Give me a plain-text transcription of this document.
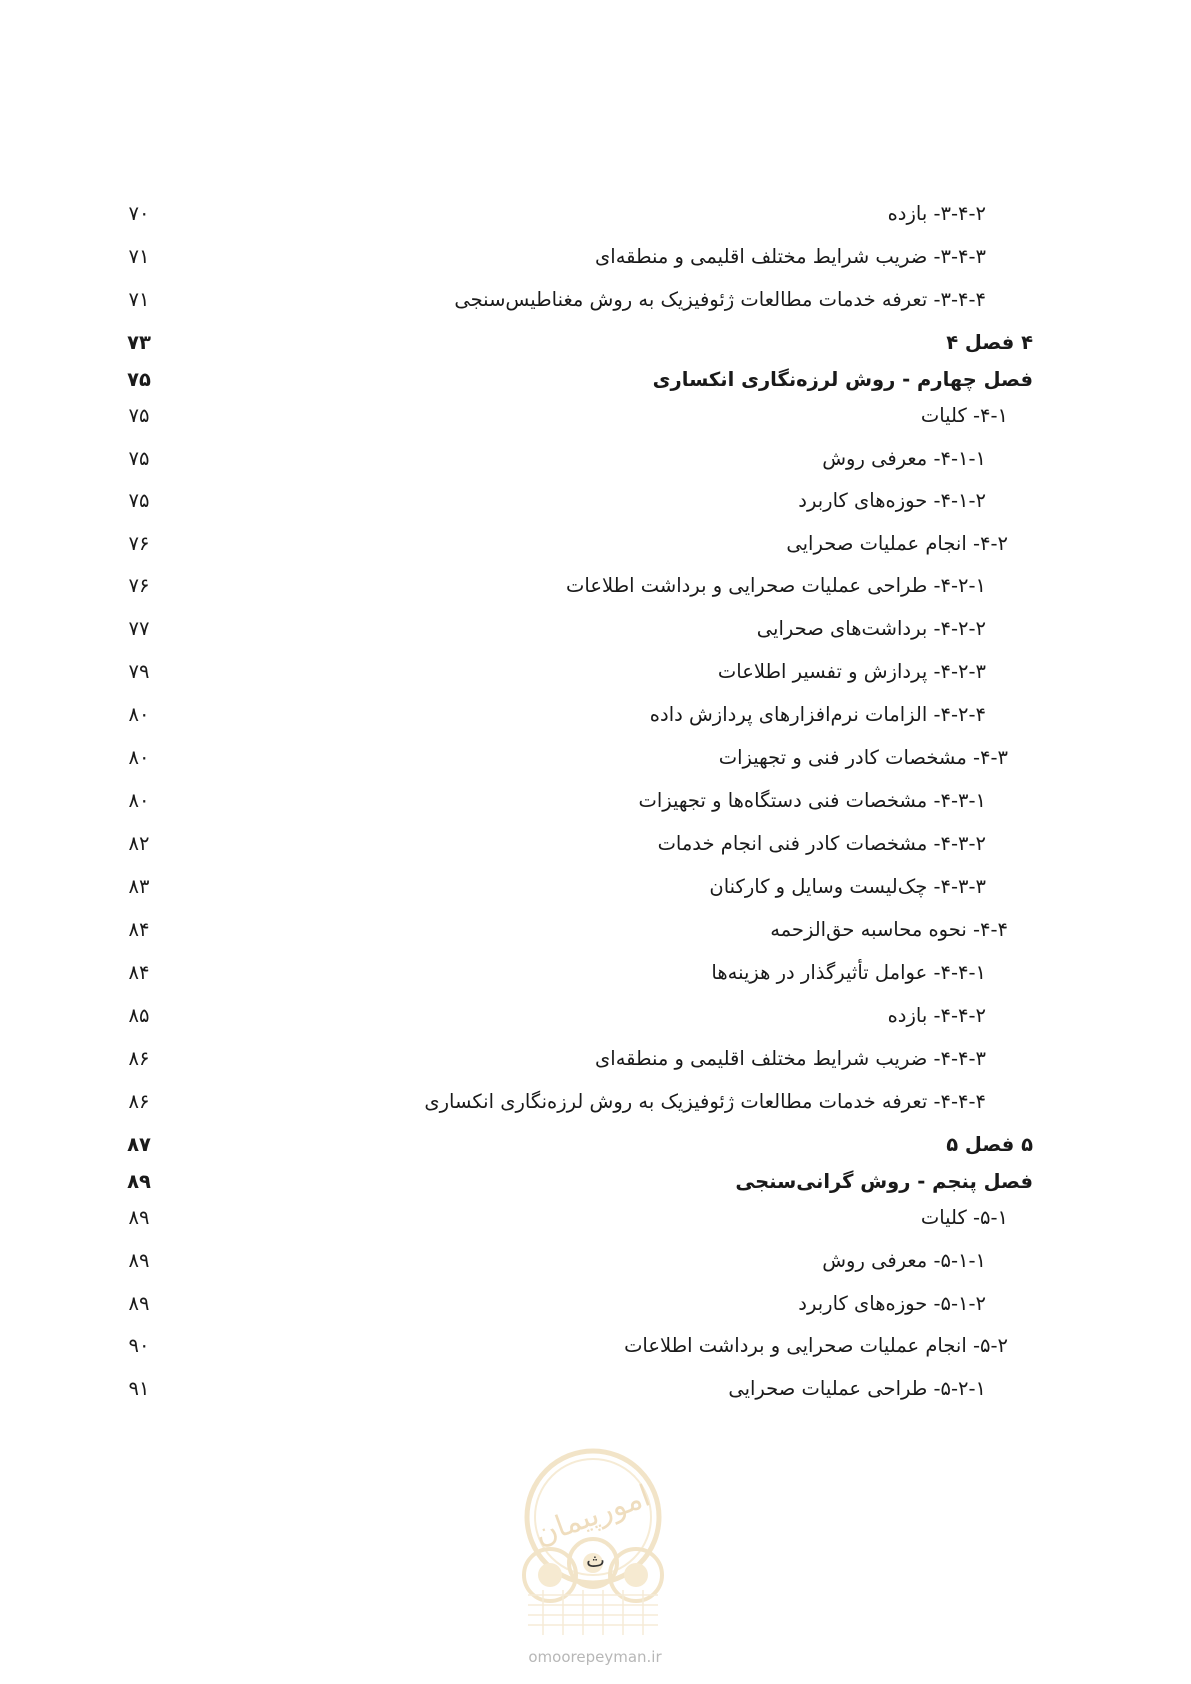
۳-۴-۲- بازده
۷۰
۳-۴-۳- ضریب شرایط مختلف اقلیمی و منطقه‌ای
۷۱
۳-۴-۴- تعرفه خدمات مطالعات ژئوفیزیک به روش مغناطیس‌سنجی
۷۱
۴ فصل ۴
۷۳
فصل چهارم - روش لرزه‌نگاری انکساری
۷۵
۴-۱- کلیات
۷۵
۴-۱-۱- معرفی روش
۷۵
۴-۱-۲- حوزه‌های کاربرد
۷۵
۴-۲- انجام عملیات صحرایی
۷۶
۴-۲-۱- طراحی عملیات صحرایی و برداشت اطلاعات
۷۶
۴-۲-۲- برداشت‌های صحرایی
۷۷
۴-۲-۳- پردازش و تفسیر اطلاعات
۷۹
۴-۲-۴- الزامات نرم‌افزارهای پردازش داده
۸۰
۴-۳- مشخصات کادر فنی و تجهیزات
۸۰
۴-۳-۱- مشخصات فنی دستگاه‌ها و تجهیزات
۸۰
۴-۳-۲- مشخصات کادر فنی انجام خدمات
۸۲
۴-۳-۳- چک‌لیست وسایل و کارکنان
۸۳
۴-۴- نحوه محاسبه حق‌الزحمه
۸۴
۴-۴-۱- عوامل تأثیرگذار در هزینه‌ها
۸۴
۴-۴-۲- بازده
۸۵
۴-۴-۳- ضریب شرایط مختلف اقلیمی و منطقه‌ای
۸۶
۴-۴-۴- تعرفه خدمات مطالعات ژئوفیزیک به روش لرزه‌نگاری انکساری
۸۶
۵ فصل ۵
۸۷
فصل پنجم - روش گرانی‌سنجی
۸۹
۵-۱- کلیات
۸۹
۵-۱-۱- معرفی روش
۸۹
۵-۱-۲- حوزه‌های کاربرد
۸۹
۵-۲- انجام عملیات صحرایی و برداشت اطلاعات
۹۰
۵-۲-۱- طراحی عملیات صحرایی
۹۱
امورپیمان
ث
omoorepeyman.ir
